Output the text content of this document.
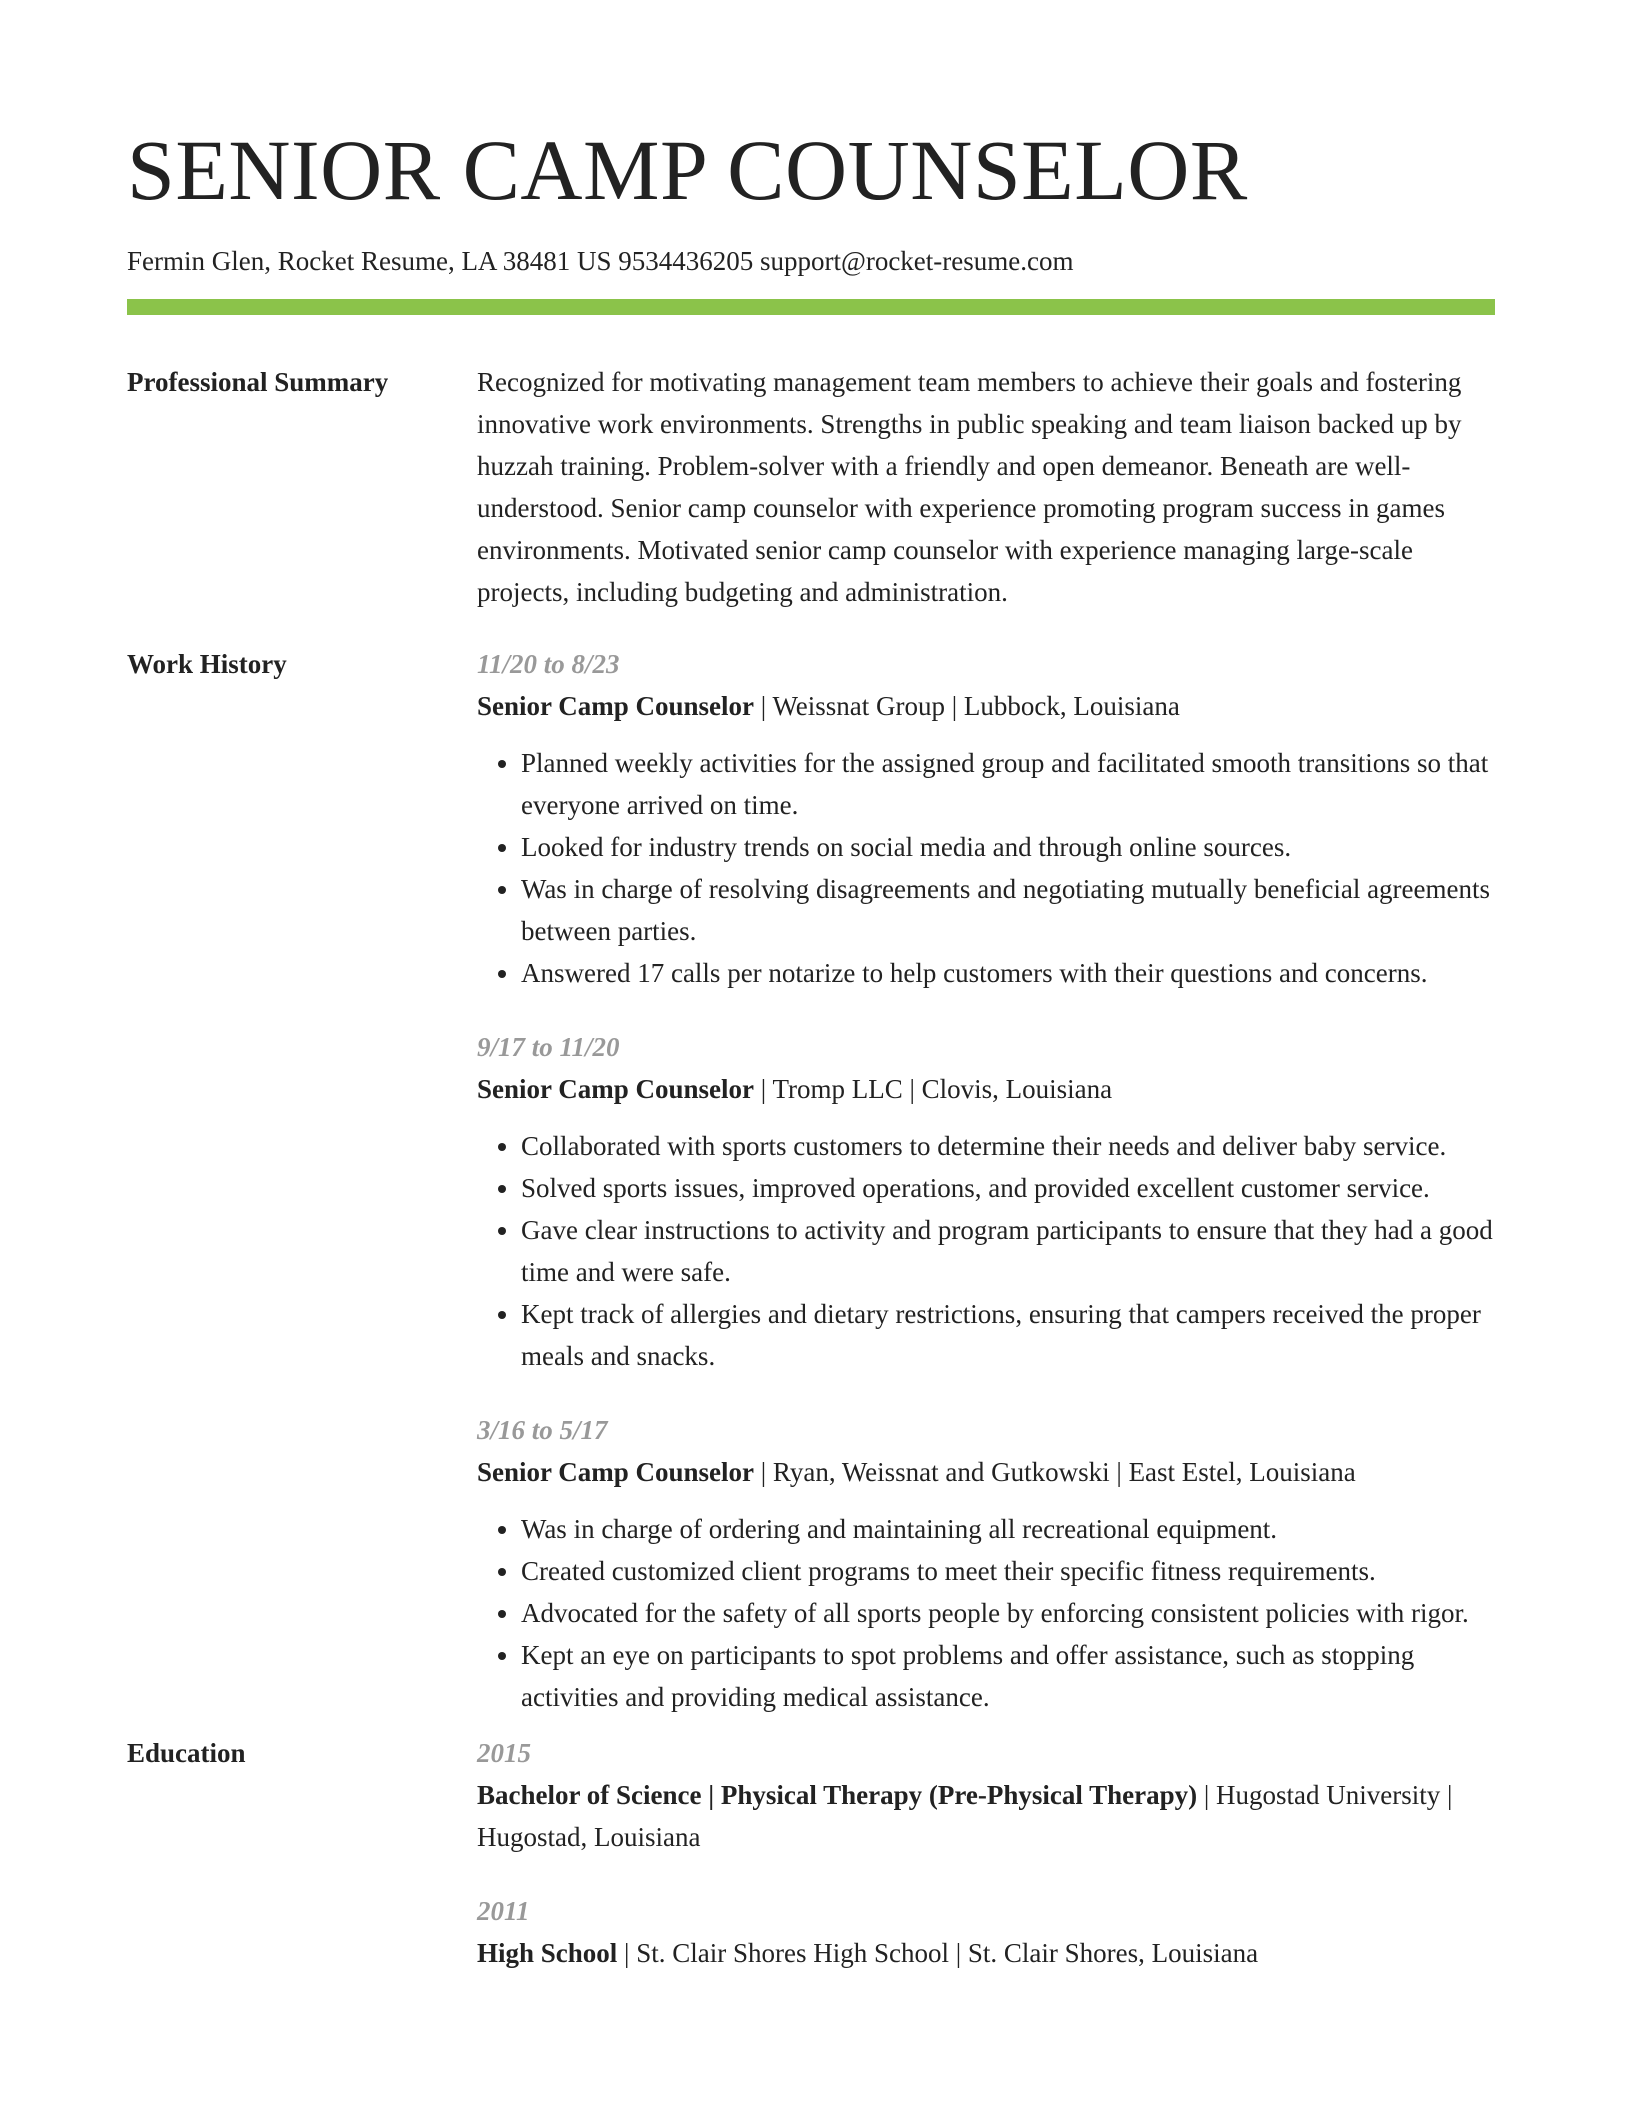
SENIOR CAMP COUNSELOR
Fermin Glen, Rocket Resume, LA 38481 US 9534436205 support@rocket-resume.com
Professional Summary	Recognized for motivating management team members to achieve their goals and fostering innovative work environments. Strengths in public speaking and team liaison backed up by huzzah training. Problem-solver with a friendly and open demeanor. Beneath are well-understood. Senior camp counselor with experience promoting program success in games environments. Motivated senior camp counselor with experience managing large-scale projects, including budgeting and administration.
Work History	11/20 to 8/23
Senior Camp Counselor | Weissnat Group | Lubbock, Louisiana
• Planned weekly activities for the assigned group and facilitated smooth transitions so that everyone arrived on time.
• Looked for industry trends on social media and through online sources.
• Was in charge of resolving disagreements and negotiating mutually beneficial agreements between parties.
• Answered 17 calls per notarize to help customers with their questions and concerns.
9/17 to 11/20
Senior Camp Counselor | Tromp LLC | Clovis, Louisiana
• Collaborated with sports customers to determine their needs and deliver baby service.
• Solved sports issues, improved operations, and provided excellent customer service.
• Gave clear instructions to activity and program participants to ensure that they had a good time and were safe.
• Kept track of allergies and dietary restrictions, ensuring that campers received the proper meals and snacks.
3/16 to 5/17
Senior Camp Counselor | Ryan, Weissnat and Gutkowski | East Estel, Louisiana
• Was in charge of ordering and maintaining all recreational equipment.
• Created customized client programs to meet their specific fitness requirements.
• Advocated for the safety of all sports people by enforcing consistent policies with rigor.
• Kept an eye on participants to spot problems and offer assistance, such as stopping activities and providing medical assistance.
Education	2015
Bachelor of Science | Physical Therapy (Pre-Physical Therapy) | Hugostad University | Hugostad, Louisiana
2011
High School | St. Clair Shores High School | St. Clair Shores, Louisiana
